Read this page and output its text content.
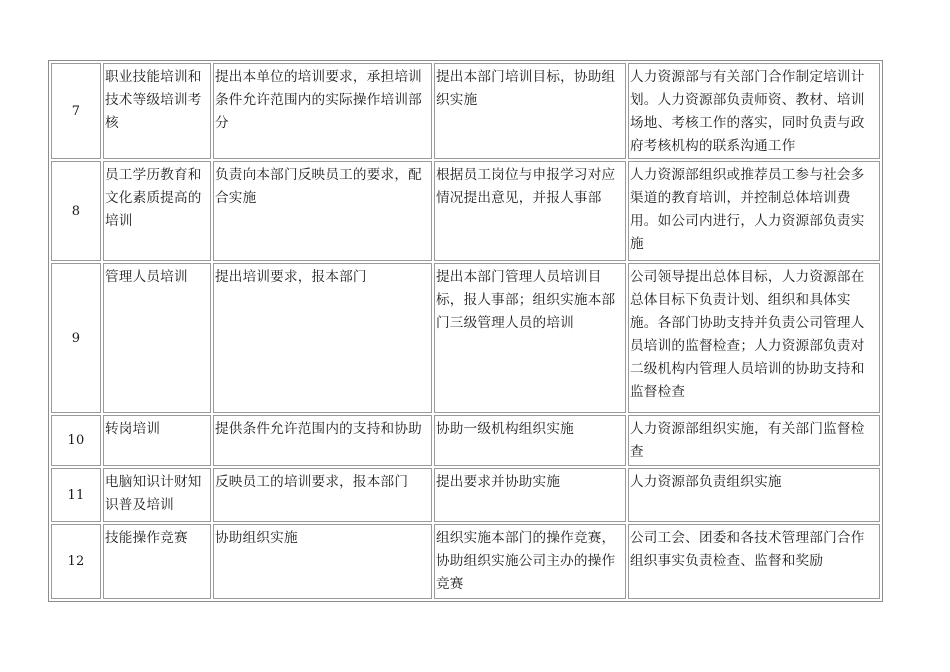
7	职业技能培训和技术等级培训考核	提出本单位的培训要求，承担培训条件允许范围内的实际操作培训部分	提出本部门培训目标，协助组织实施	人力资源部与有关部门合作制定培训计划。人力资源部负责师资、教材、培训场地、考核工作的落实，同时负责与政府考核机构的联系沟通工作
8	员工学历教育和文化素质提高的培训	负责向本部门反映员工的要求，配合实施	根据员工岗位与申报学习对应情况提出意见，并报人事部	人力资源部组织或推荐员工参与社会多渠道的教育培训，并控制总体培训费用。如公司内进行，人力资源部负责实施
9	管理人员培训	提出培训要求，报本部门	提出本部门管理人员培训目标，报人事部；组织实施本部门三级管理人员的培训	公司领导提出总体目标，人力资源部在总体目标下负责计划、组织和具体实施。各部门协助支持并负责公司管理人员培训的监督检查；人力资源部负责对二级机构内管理人员培训的协助支持和监督检查
10	转岗培训	提供条件允许范围内的支持和协助	协助一级机构组织实施	人力资源部组织实施，有关部门监督检查
11	电脑知识计财知识普及培训	反映员工的培训要求，报本部门	提出要求并协助实施	人力资源部负责组织实施
12	技能操作竞赛	协助组织实施	组织实施本部门的操作竞赛，协助组织实施公司主办的操作竞赛	公司工会、团委和各技术管理部门合作组织事实负责检查、监督和奖励
